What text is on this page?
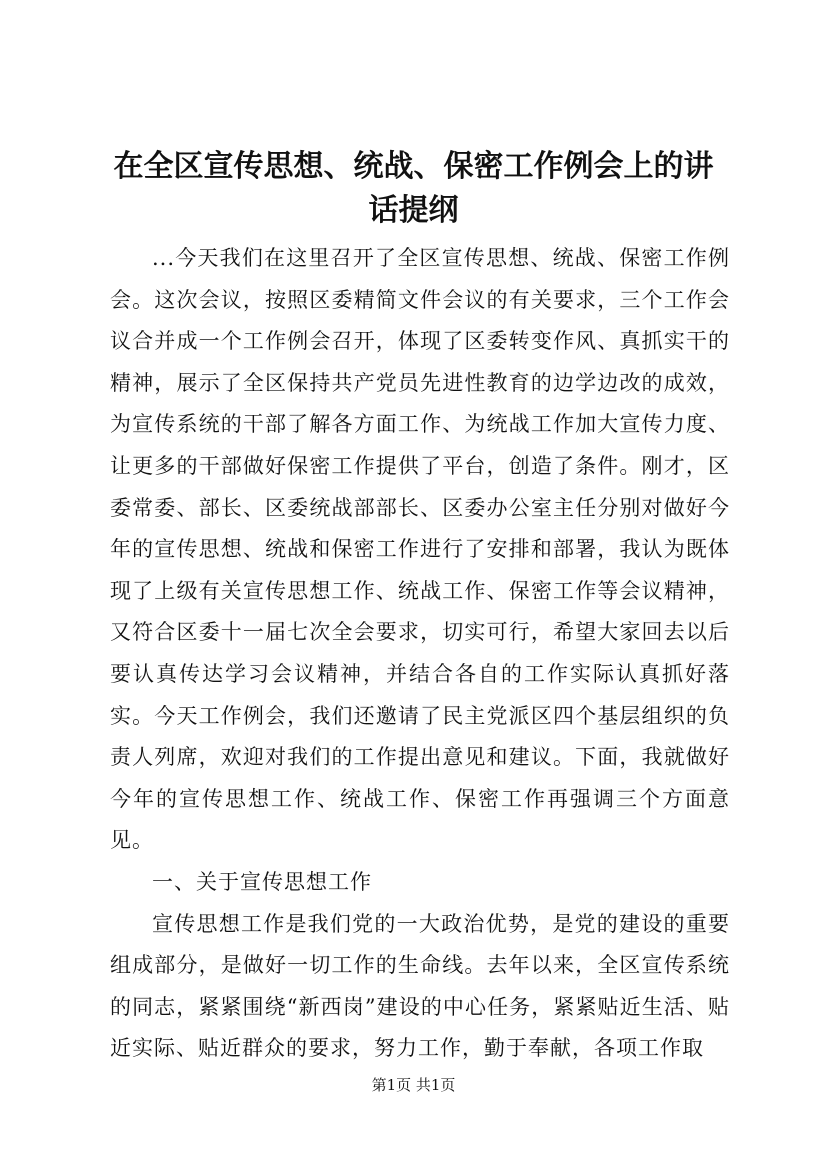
在全区宣传思想、统战、保密工作例会上的讲话提纲

...今天我们在这里召开了全区宣传思想、统战、保密工作例会。这次会议，按照区委精简文件会议的有关要求，三个工作会议合并成一个工作例会召开，体现了区委转变作风、真抓实干的精神，展示了全区保持共产党员先进性教育的边学边改的成效，为宣传系统的干部了解各方面工作、为统战工作加大宣传力度、让更多的干部做好保密工作提供了平台，创造了条件。刚才，区委常委、部长、区委统战部部长、区委办公室主任分别对做好今年的宣传思想、统战和保密工作进行了安排和部署，我认为既体现了上级有关宣传思想工作、统战工作、保密工作等会议精神，又符合区委十一届七次全会要求，切实可行，希望大家回去以后要认真传达学习会议精神，并结合各自的工作实际认真抓好落实。今天工作例会，我们还邀请了民主党派区四个基层组织的负责人列席，欢迎对我们的工作提出意见和建议。下面，我就做好今年的宣传思想工作、统战工作、保密工作再强调三个方面意见。

一、关于宣传思想工作

宣传思想工作是我们党的一大政治优势，是党的建设的重要组成部分，是做好一切工作的生命线。去年以来，全区宣传系统的同志，紧紧围绕“新西岗”建设的中心任务，紧紧贴近生活、贴近实际、贴近群众的要求，努力工作，勤于奉献，各项工作取

第1页 共1页
